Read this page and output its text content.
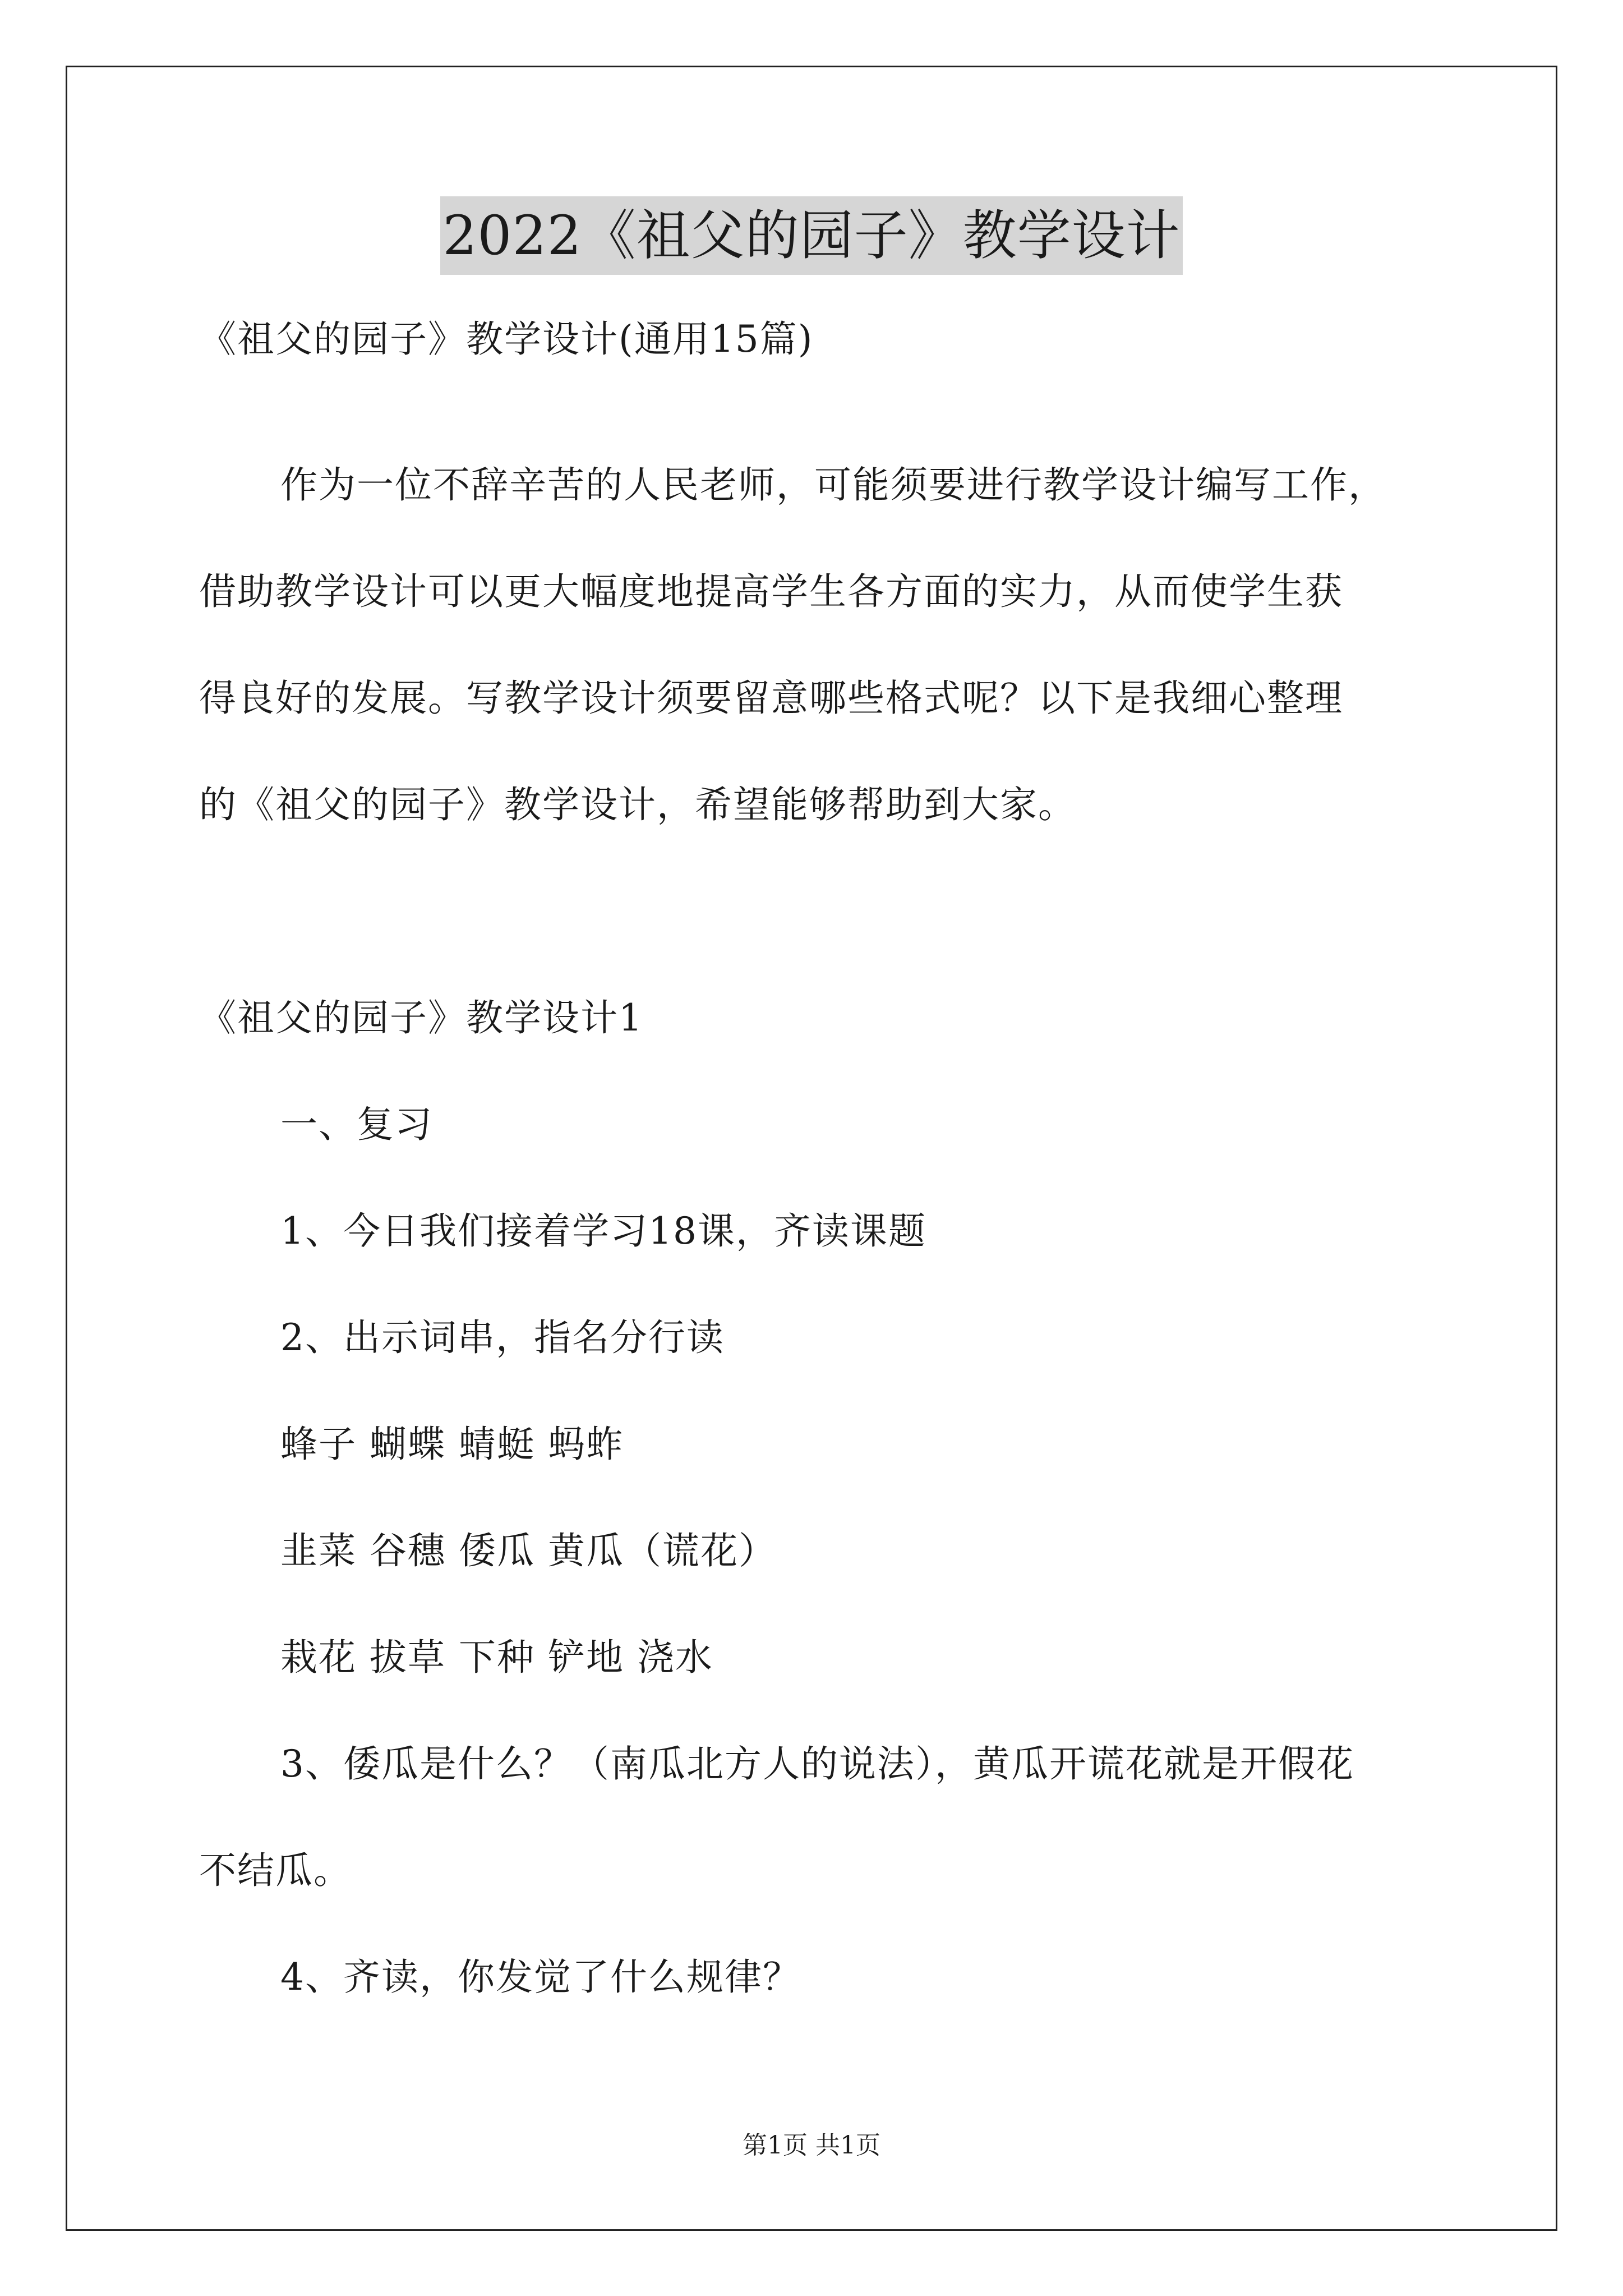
2022《祖父的园子》教学设计
《祖父的园子》教学设计(通用15篇)
作为一位不辞辛苦的人民老师，可能须要进行教学设计编写工作，
借助教学设计可以更大幅度地提高学生各方面的实力，从而使学生获
得良好的发展。写教学设计须要留意哪些格式呢？以下是我细心整理
的《祖父的园子》教学设计，希望能够帮助到大家。
《祖父的园子》教学设计1
一、复习
1、今日我们接着学习18课，齐读课题
2、出示词串，指名分行读
蜂子 蝴蝶 蜻蜓 蚂蚱
韭菜 谷穗 倭瓜 黄瓜（谎花）
栽花 拔草 下种 铲地 浇水
3、倭瓜是什么？（南瓜北方人的说法），黄瓜开谎花就是开假花
不结瓜。
4、齐读，你发觉了什么规律？
第1页 共1页
